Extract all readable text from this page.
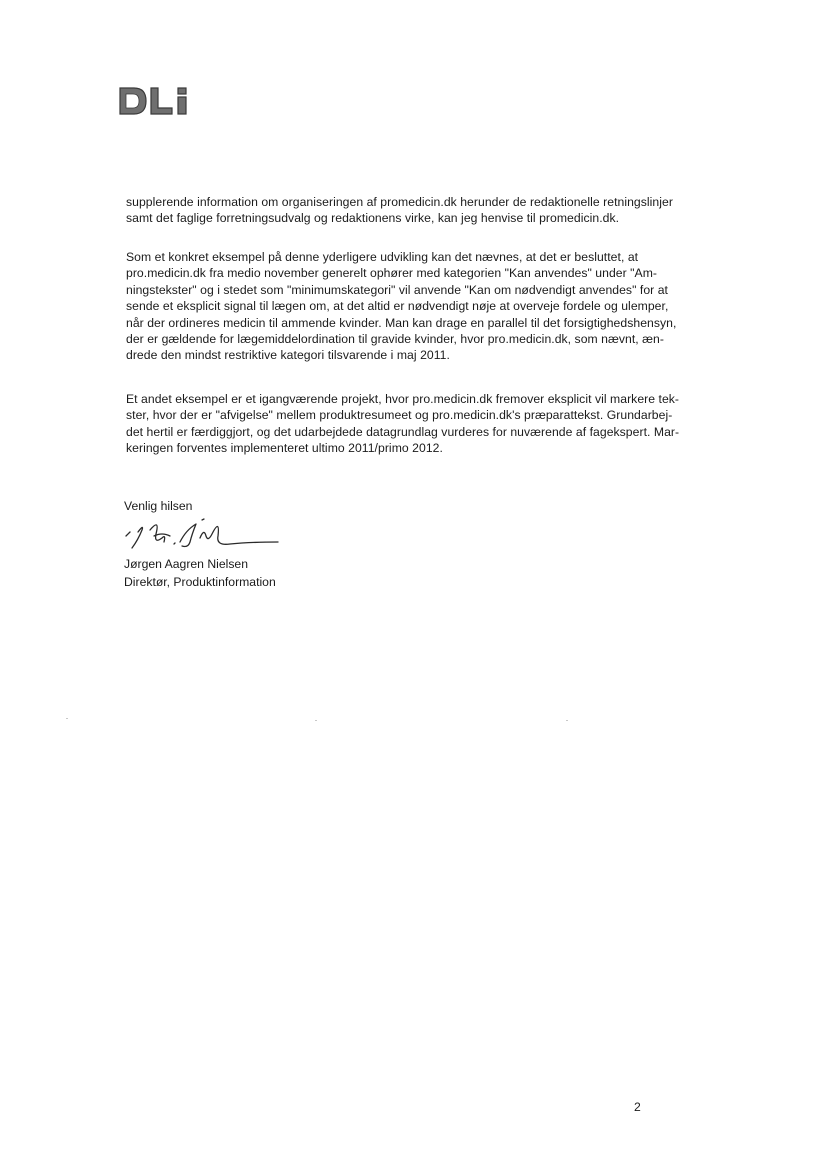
supplerende information om organiseringen af promedicin.dk herunder de redaktionelle retningslinjer
samt det faglige forretningsudvalg og redaktionens virke, kan jeg henvise til promedicin.dk.

Som et konkret eksempel på denne yderligere udvikling kan det nævnes, at det er besluttet, at
pro.medicin.dk fra medio november generelt ophører med kategorien "Kan anvendes" under "Am-
ningstekster" og i stedet som "minimumskategori" vil anvende "Kan om nødvendigt anvendes" for at
sende et eksplicit signal til lægen om, at det altid er nødvendigt nøje at overveje fordele og ulemper,
når der ordineres medicin til ammende kvinder. Man kan drage en parallel til det forsigtighedshensyn,
der er gældende for lægemiddelordination til gravide kvinder, hvor pro.medicin.dk, som nævnt, æn-
drede den mindst restriktive kategori tilsvarende i maj 2011.

Et andet eksempel er et igangværende projekt, hvor pro.medicin.dk fremover eksplicit vil markere tek-
ster, hvor der er "afvigelse" mellem produktresumeet og pro.medicin.dk's præparattekst. Grundarbej-
det hertil er færdiggjort, og det udarbejdede datagrundlag vurderes for nuværende af fagekspert. Mar-
keringen forventes implementeret ultimo 2011/primo 2012.

Venlig hilsen
Jørgen Aagren Nielsen
Direktør, Produktinformation
2
